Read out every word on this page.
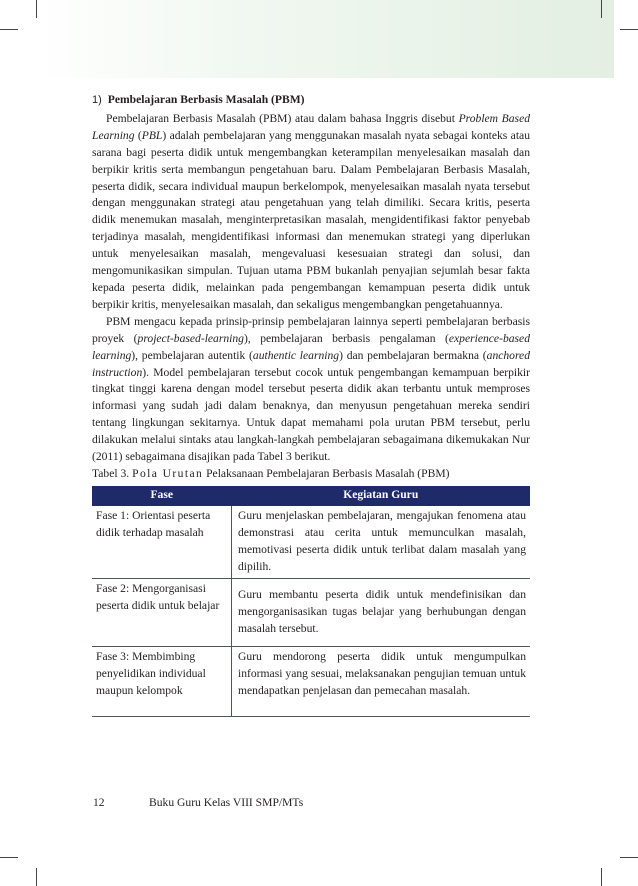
1) Pembelajaran Berbasis Masalah (PBM)

Pembelajaran Berbasis Masalah (PBM) atau dalam bahasa Inggris disebut Problem Based Learning (PBL) adalah pembelajaran yang menggunakan masalah nyata sebagai konteks atau sarana bagi peserta didik untuk mengembangkan keterampilan menyelesaikan masalah dan berpikir kritis serta membangun pengetahuan baru. Dalam Pembelajaran Berbasis Masalah, peserta didik, secara individual maupun berkelompok, menyelesaikan masalah nyata tersebut dengan menggunakan strategi atau pengetahuan yang telah dimiliki. Secara kritis, peserta didik menemukan masalah, menginterpretasikan masalah, mengidentifikasi faktor penyebab terjadinya masalah, mengidentifikasi informasi dan menemukan strategi yang diperlukan untuk menyelesaikan masalah, mengevaluasi kesesuaian strategi dan solusi, dan mengomunikasikan simpulan. Tujuan utama PBM bukanlah penyajian sejumlah besar fakta kepada peserta didik, melainkan pada pengembangan kemampuan peserta didik untuk berpikir kritis, menyelesaikan masalah, dan sekaligus mengembangkan pengetahuannya.

PBM mengacu kepada prinsip-prinsip pembelajaran lainnya seperti pembelajaran berbasis proyek (project-based-learning), pembelajaran berbasis pengalaman (experience-based learning), pembelajaran autentik (authentic learning) dan pembelajaran bermakna (anchored instruction). Model pembelajaran tersebut cocok untuk pengembangan kemampuan berpikir tingkat tinggi karena dengan model tersebut peserta didik akan terbantu untuk memproses informasi yang sudah jadi dalam benaknya, dan menyusun pengetahuan mereka sendiri tentang lingkungan sekitarnya. Untuk dapat memahami pola urutan PBM tersebut, perlu dilakukan melalui sintaks atau langkah-langkah pembelajaran sebagaimana dikemukakan Nur (2011) sebagaimana disajikan pada Tabel 3 berikut.

Tabel 3. Pola Urutan Pelaksanaan Pembelajaran Berbasis Masalah (PBM)

Fase	Kegiatan Guru
Fase 1: Orientasi peserta didik terhadap masalah	Guru menjelaskan pembelajaran, mengajukan fenomena atau demonstrasi atau cerita untuk memunculkan masalah, memotivasi peserta didik untuk terlibat dalam masalah yang dipilih.
Fase 2: Mengorganisasi peserta didik untuk belajar	Guru membantu peserta didik untuk mendefinisikan dan mengorganisasikan tugas belajar yang berhubungan dengan masalah tersebut.
Fase 3: Membimbing penyelidikan individual maupun kelompok	Guru mendorong peserta didik untuk mengumpulkan informasi yang sesuai, melaksanakan pengujian temuan untuk mendapatkan penjelasan dan pemecahan masalah.
12	Buku Guru Kelas VIII SMP/MTs
